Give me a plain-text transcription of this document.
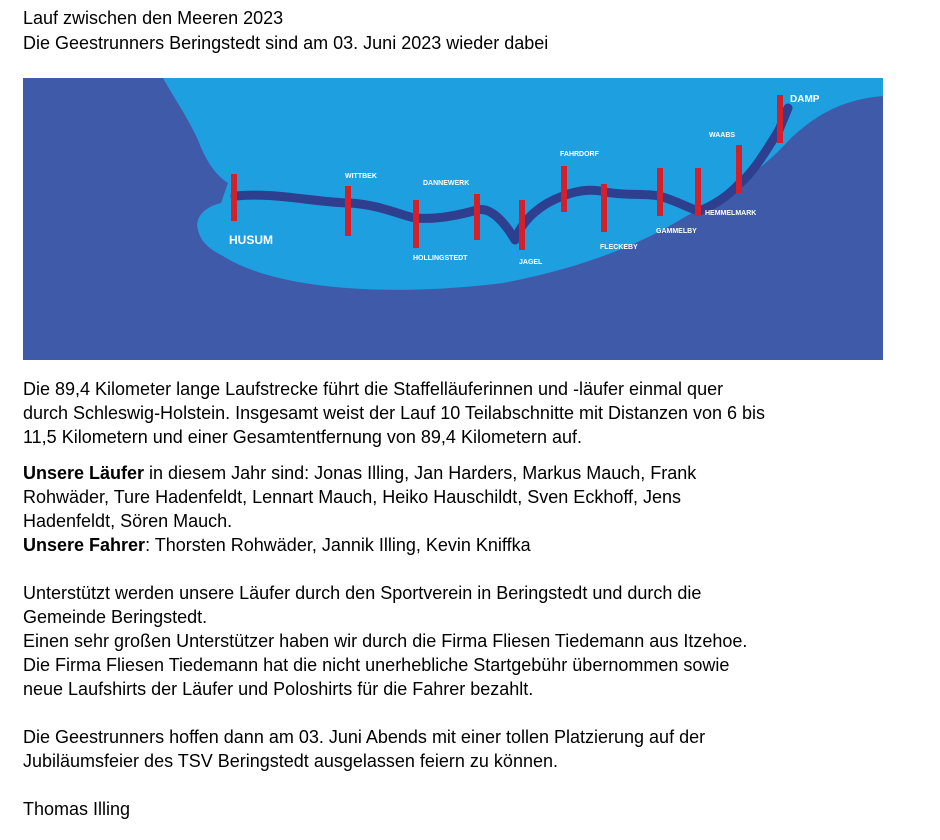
Lauf zwischen den Meeren 2023
Die Geestrunners Beringstedt sind am 03. Juni 2023 wieder dabei
HUSUM
WITTBEK
DANNEWERK
HOLLINGSTEDT
JAGEL
FAHRDORF
FLECKEBY
GAMMELBY
HEMMELMARK
WAABS
DAMP

Die 89,4 Kilometer lange Laufstrecke führt die Staffelläuferinnen und -läufer einmal quer

durch Schleswig-Holstein. Insgesamt weist der Lauf 10 Teilabschnitte mit Distanzen von 6 bis

11,5 Kilometern und einer Gesamtentfernung von 89,4 Kilometern auf.

Unsere Läufer in diesem Jahr sind: Jonas Illing, Jan Harders, Markus Mauch, Frank

Rohwäder, Ture Hadenfeldt, Lennart Mauch, Heiko Hauschildt, Sven Eckhoff, Jens

Hadenfeldt, Sören Mauch.

Unsere Fahrer: Thorsten Rohwäder, Jannik Illing, Kevin Kniffka

Unterstützt werden unsere Läufer durch den Sportverein in Beringstedt und durch die

Gemeinde Beringstedt.

Einen sehr großen Unterstützer haben wir durch die Firma Fliesen Tiedemann aus Itzehoe.

Die Firma Fliesen Tiedemann hat die nicht unerhebliche Startgebühr übernommen sowie

neue Laufshirts der Läufer und Poloshirts für die Fahrer bezahlt.

Die Geestrunners hoffen dann am 03. Juni Abends mit einer tollen Platzierung auf der

Jubiläumsfeier des TSV Beringstedt ausgelassen feiern zu können.

Thomas Illing
